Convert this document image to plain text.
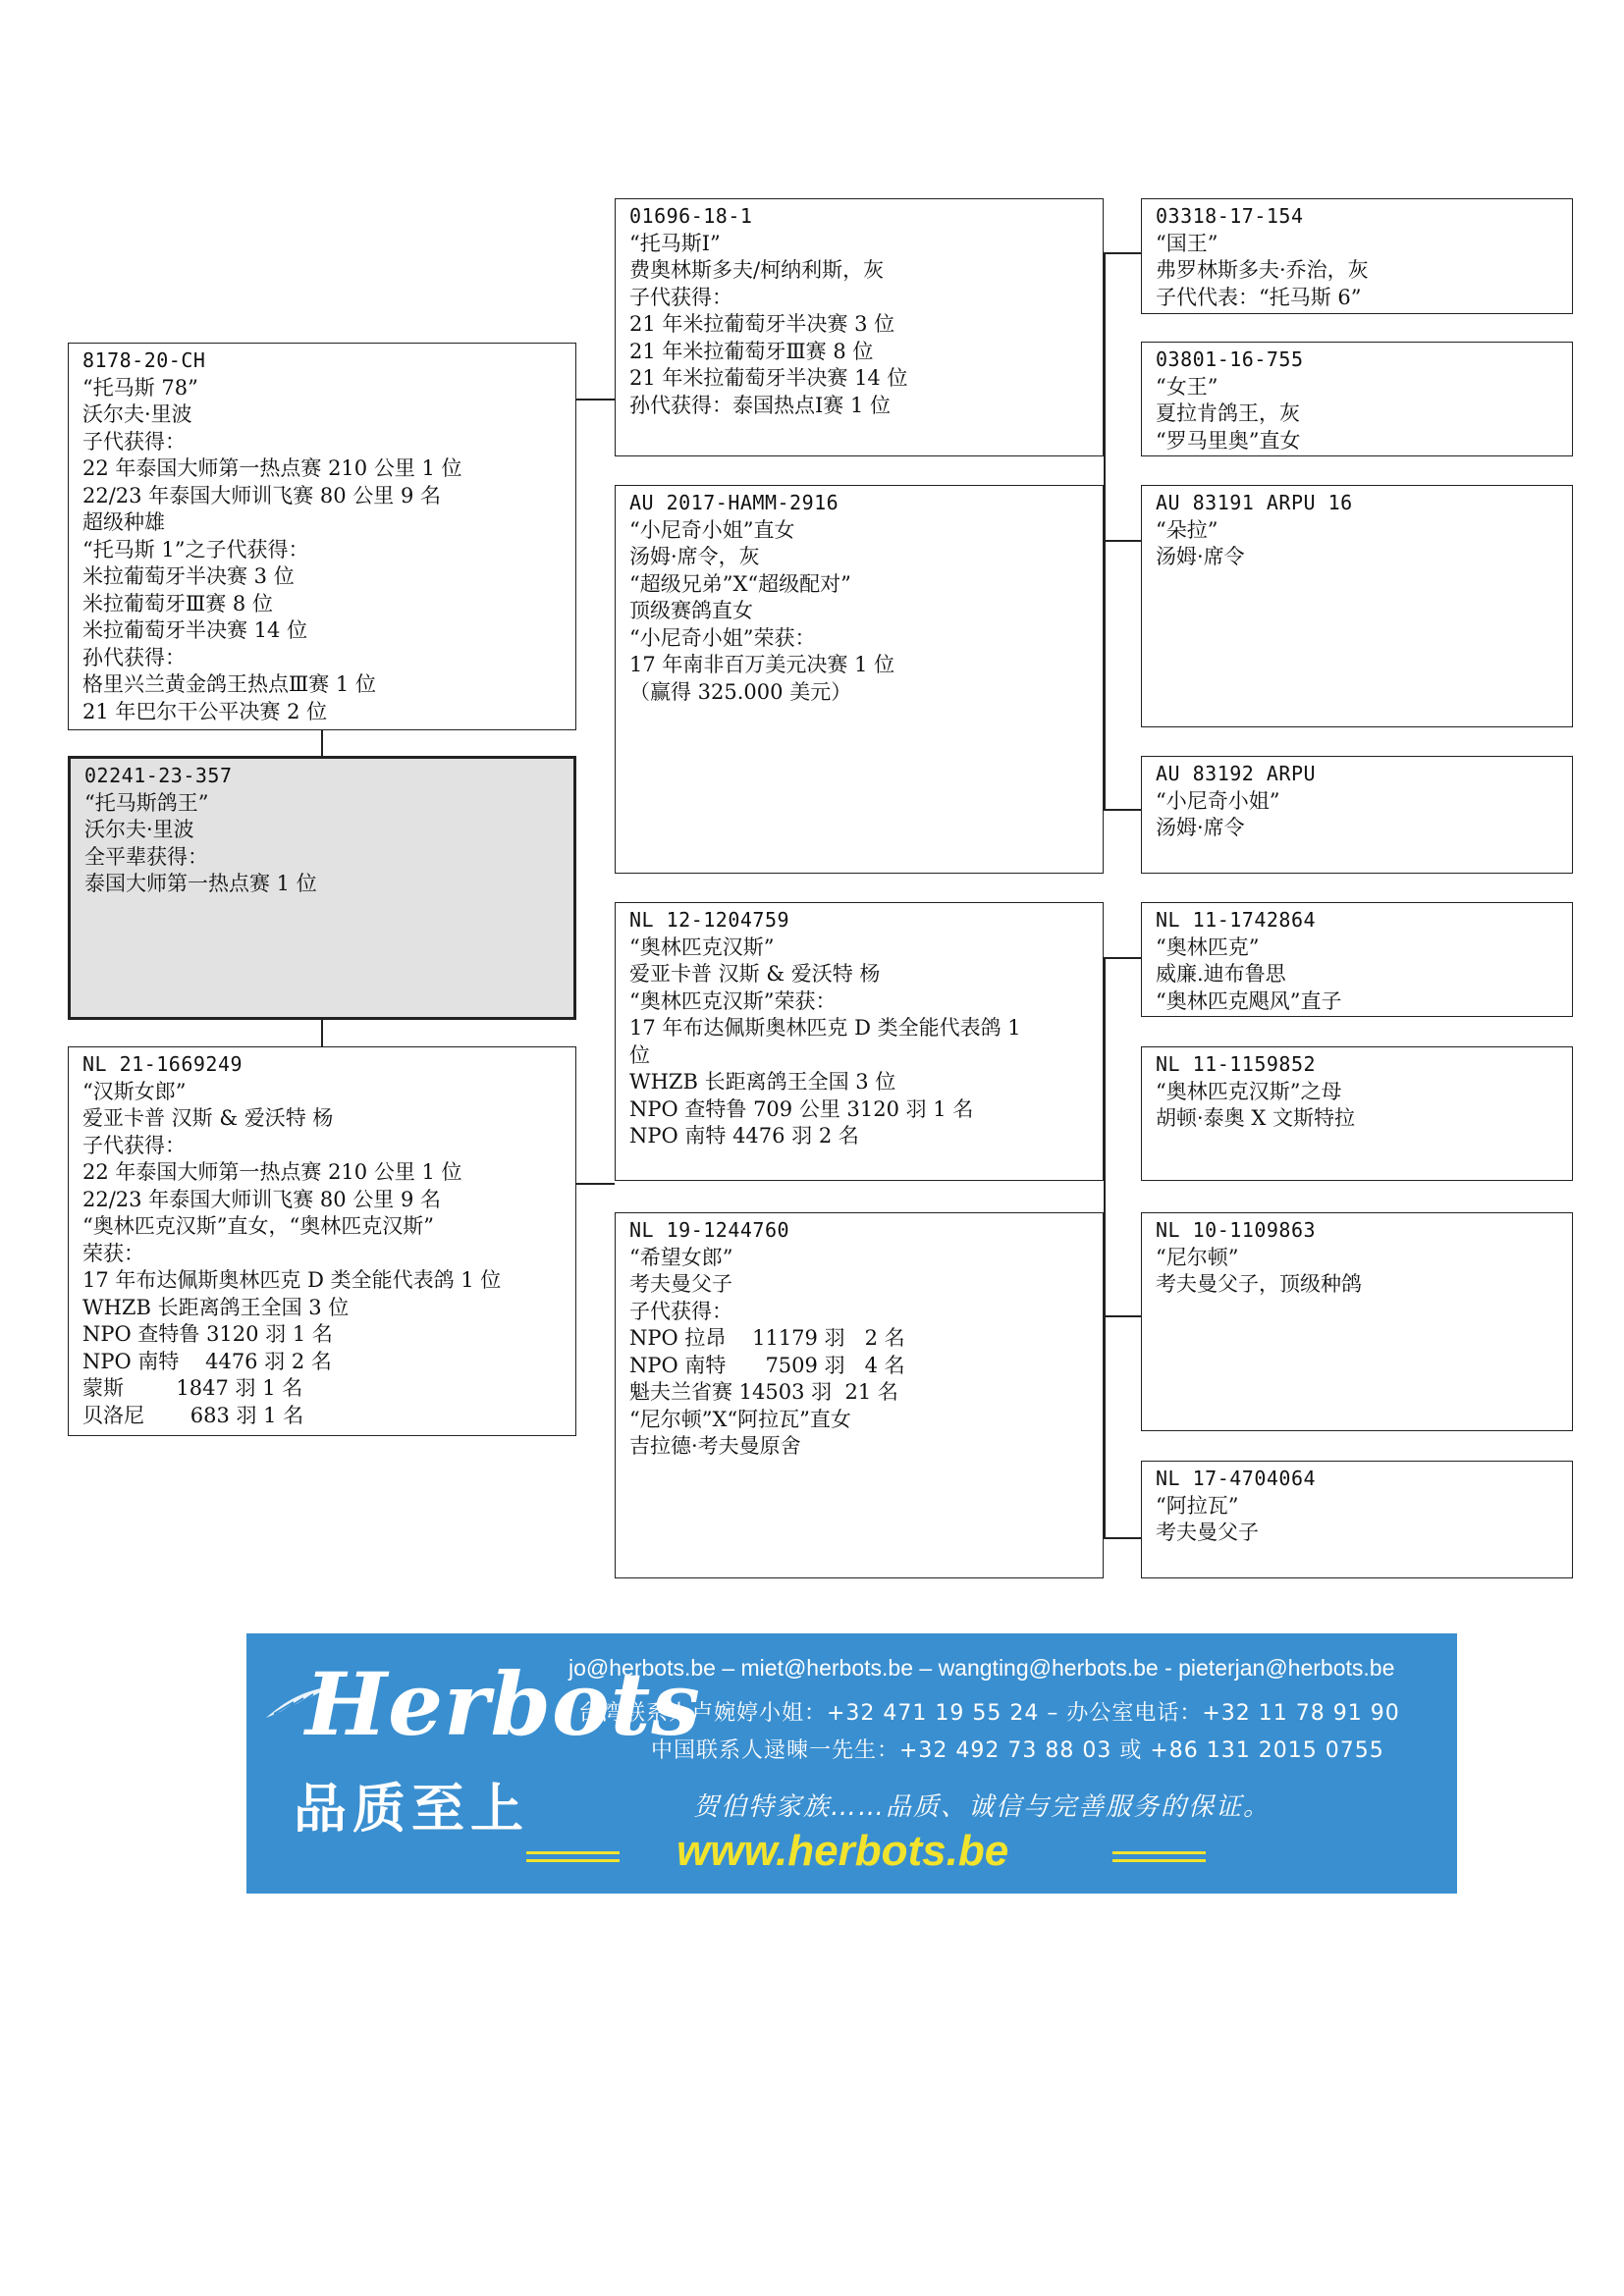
8178-20-CH
“托马斯 78”
沃尔夫·里波
子代获得：
22 年泰国大师第一热点赛 210 公里 1 位
22/23 年泰国大师训飞赛 80 公里 9 名
超级种雄
“托马斯 1”之子代获得：
米拉葡萄牙半决赛 3 位
米拉葡萄牙Ⅲ赛 8 位
米拉葡萄牙半决赛 14 位
孙代获得：
格里兴兰黄金鸽王热点Ⅲ赛 1 位
21 年巴尔干公平决赛 2 位
02241-23-357
“托马斯鸽王”
沃尔夫·里波
全平辈获得：
泰国大师第一热点赛 1 位
NL 21-1669249
“汉斯女郎”
爱亚卡普 汉斯 & 爱沃特 杨
子代获得：
22 年泰国大师第一热点赛 210 公里 1 位
22/23 年泰国大师训飞赛 80 公里 9 名
“奥林匹克汉斯”直女，“奥林匹克汉斯”
荣获：
17 年布达佩斯奥林匹克 D 类全能代表鸽 1 位
WHZB 长距离鸽王全国 3 位
NPO 查特鲁 3120 羽 1 名
NPO 南特    4476 羽 2 名
蒙斯        1847 羽 1 名
贝洛尼       683 羽 1 名
01696-18-1
“托马斯Ⅰ”
费奥林斯多夫/柯纳利斯，灰
子代获得：
21 年米拉葡萄牙半决赛 3 位
21 年米拉葡萄牙Ⅲ赛 8 位
21 年米拉葡萄牙半决赛 14 位
孙代获得：泰国热点Ⅰ赛 1 位
AU 2017-HAMM-2916
“小尼奇小姐”直女
汤姆·席令，灰
“超级兄弟”X“超级配对”
顶级赛鸽直女
“小尼奇小姐”荣获：
17 年南非百万美元决赛 1 位
（赢得 325.000 美元）
NL 12-1204759
“奥林匹克汉斯”
爱亚卡普 汉斯 & 爱沃特 杨
“奥林匹克汉斯”荣获：
17 年布达佩斯奥林匹克 D 类全能代表鸽 1
位
WHZB 长距离鸽王全国 3 位
NPO 查特鲁 709 公里 3120 羽 1 名
NPO 南特 4476 羽 2 名
NL 19-1244760
“希望女郎”
考夫曼父子
子代获得：
NPO 拉昂    11179 羽   2 名
NPO 南特      7509 羽   4 名
魁夫兰省赛 14503 羽  21 名
“尼尔顿”X“阿拉瓦”直女
吉拉德·考夫曼原舍
03318-17-154
“国王”
弗罗林斯多夫·乔治，灰
子代代表：“托马斯 6”
03801-16-755
“女王”
夏拉肯鸽王，灰
“罗马里奥”直女
AU 83191 ARPU 16
“朵拉”
汤姆·席令
AU 83192 ARPU
“小尼奇小姐”
汤姆·席令
NL 11-1742864
“奥林匹克”
威廉.迪布鲁思
“奥林匹克飓风”直子
NL 11-1159852
“奥林匹克汉斯”之母
胡顿·泰奥 X 文斯特拉
NL 10-1109863
“尼尔顿”
考夫曼父子，顶级种鸽
NL 17-4704064
“阿拉瓦”
考夫曼父子
Herbots
品质至上
jo@herbots.be – miet@herbots.be – wangting@herbots.be - pieterjan@herbots.be
台湾联系人卢婉婷小姐：+32 471 19 55 24 – 办公室电话：+32 11 78 91 90
中国联系人逯暕一先生：+32 492 73 88 03 或 +86 131 2015 0755
贺伯特家族……品质、诚信与完善服务的保证。
www.herbots.be
